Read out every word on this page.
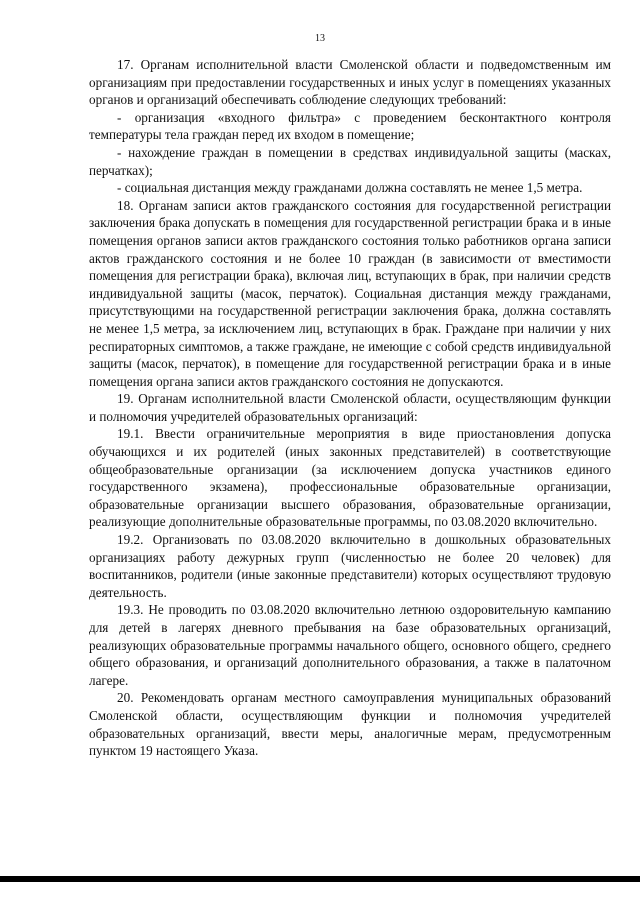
13

17. Органам исполнительной власти Смоленской области и подведомственным им организациям при предоставлении государственных и иных услуг в помещениях указанных органов и организаций обеспечивать соблюдение следующих требований:

- организация «входного фильтра» с проведением бесконтактного контроля температуры тела граждан перед их входом в помещение;

- нахождение граждан в помещении в средствах индивидуальной защиты (масках, перчатках);

- социальная дистанция между гражданами должна составлять не менее 1,5 метра.

18. Органам записи актов гражданского состояния для государственной регистрации заключения брака допускать в помещения для государственной регистрации брака и в иные помещения органов записи актов гражданского состояния только работников органа записи актов гражданского состояния и не более 10 граждан (в зависимости от вместимости помещения для регистрации брака), включая лиц, вступающих в брак, при наличии средств индивидуальной защиты (масок, перчаток). Социальная дистанция между гражданами, присутствующими на государственной регистрации заключения брака, должна составлять не менее 1,5 метра, за исключением лиц, вступающих в брак. Граждане при наличии у них респираторных симптомов, а также граждане, не имеющие с собой средств индивидуальной защиты (масок, перчаток), в помещение для государственной регистрации брака и в иные помещения органа записи актов гражданского состояния не допускаются.

19. Органам исполнительной власти Смоленской области, осуществляющим функции и полномочия учредителей образовательных организаций:

19.1. Ввести ограничительные мероприятия в виде приостановления допуска обучающихся и их родителей (иных законных представителей) в соответствующие общеобразовательные организации (за исключением допуска участников единого государственного экзамена), профессиональные образовательные организации, образовательные организации высшего образования, образовательные организации, реализующие дополнительные образовательные программы, по 03.08.2020 включительно.

19.2. Организовать по 03.08.2020 включительно в дошкольных образовательных организациях работу дежурных групп (численностью не более 20 человек) для воспитанников, родители (иные законные представители) которых осуществляют трудовую деятельность.

19.3. Не проводить по 03.08.2020 включительно летнюю оздоровительную кампанию для детей в лагерях дневного пребывания на базе образовательных организаций, реализующих образовательные программы начального общего, основного общего, среднего общего образования, и организаций дополнительного образования, а также в палаточном лагере.

20. Рекомендовать органам местного самоуправления муниципальных образований Смоленской области, осуществляющим функции и полномочия учредителей образовательных организаций, ввести меры, аналогичные мерам, предусмотренным пунктом 19 настоящего Указа.
